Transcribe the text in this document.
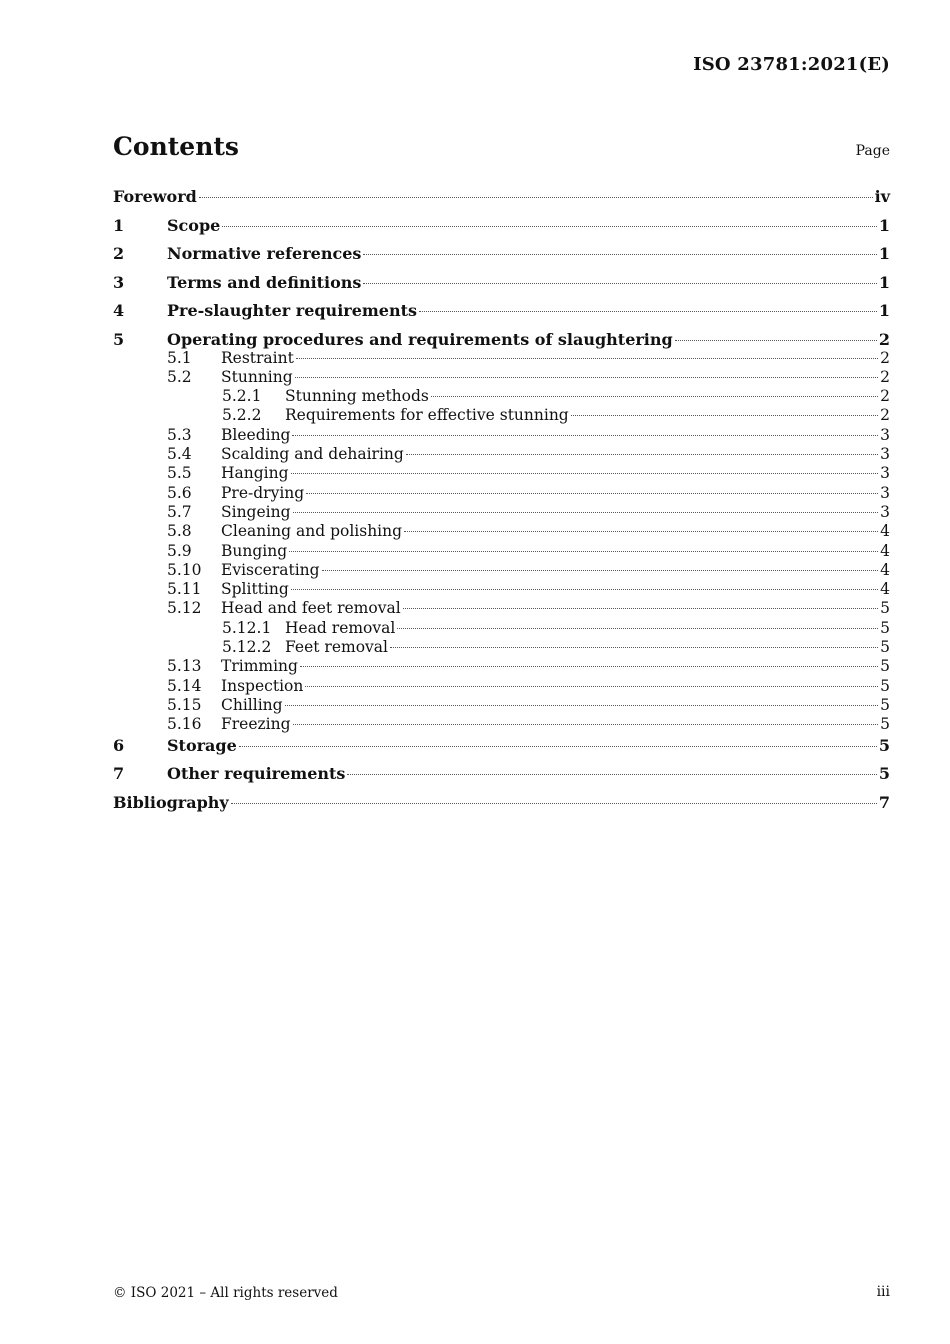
ISO 23781:2021(E)
Contents	Page
Foreword	iv
1	Scope	1
2	Normative references	1
3	Terms and definitions	1
4	Pre-slaughter requirements	1
5	Operating procedures and requirements of slaughtering	2
5.1	Restraint	2
5.2	Stunning	2
5.2.1	Stunning methods	2
5.2.2	Requirements for effective stunning	2
5.3	Bleeding	3
5.4	Scalding and dehairing	3
5.5	Hanging	3
5.6	Pre-drying	3
5.7	Singeing	3
5.8	Cleaning and polishing	4
5.9	Bunging	4
5.10	Eviscerating	4
5.11	Splitting	4
5.12	Head and feet removal	5
5.12.1 Head removal	5
5.12.2 Feet removal	5
5.13	Trimming	5
5.14	Inspection	5
5.15	Chilling	5
5.16	Freezing	5
6	Storage	5
7	Other requirements	5
Bibliography	7
© ISO 2021 – All rights reserved	iii
